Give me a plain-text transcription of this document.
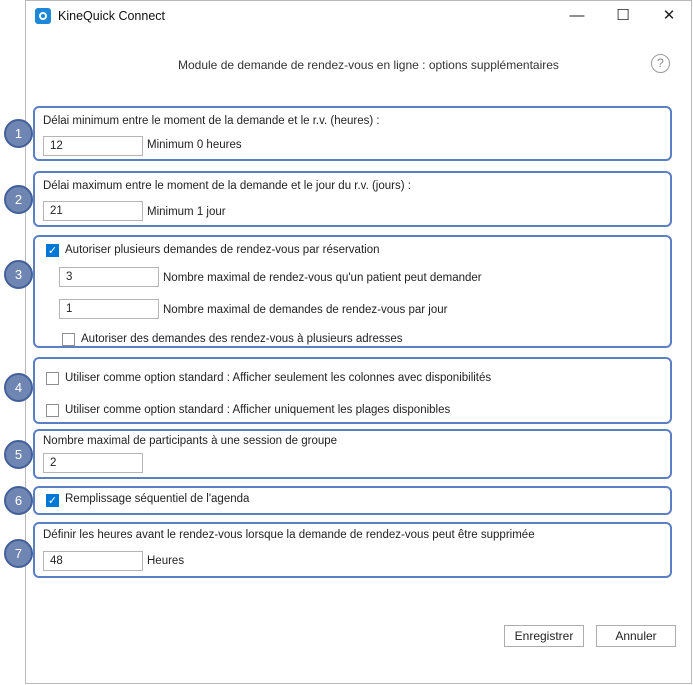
KineQuick Connect	—	☐	✕
Module de demande de rendez-vous en ligne : options supplémentaires	?
Délai minimum entre le moment de la demande et le r.v. (heures) :
12	Minimum 0 heures
Délai maximum entre le moment de la demande et le jour du r.v. (jours) :
21	Minimum 1 jour
✓ Autoriser plusieurs demandes de rendez-vous par réservation
3	Nombre maximal de rendez-vous qu'un patient peut demander
1	Nombre maximal de demandes de rendez-vous par jour
Autoriser des demandes des rendez-vous à plusieurs adresses
Utiliser comme option standard : Afficher seulement les colonnes avec disponibilités
Utiliser comme option standard : Afficher uniquement les plages disponibles
Nombre maximal de participants à une session de groupe
2
✓ Remplissage séquentiel de l'agenda
Définir les heures avant le rendez-vous lorsque la demande de rendez-vous peut être supprimée
48	Heures
Enregistrer	Annuler
1
2
3
4
5
6
7
